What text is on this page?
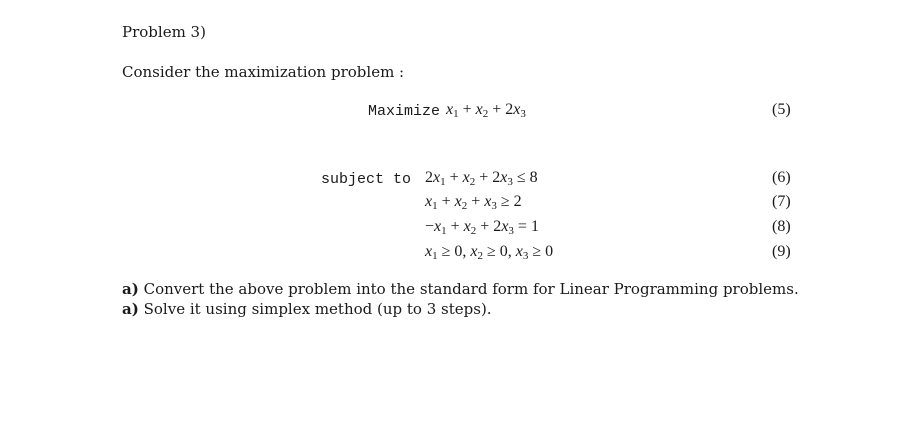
Problem 3)
Consider the maximization problem :
Maximize $x_1 + x_2 + 2x_3$	(5)
subject to $2x_1 + x_2 + 2x_3 \le 8$	(6)
$x_1 + x_2 + x_3 \ge 2$	(7)
$-x_1 + x_2 + 2x_3 = 1$	(8)
$x_1 \ge 0$, $x_2 \ge 0$, $x_3 \ge 0$	(9)
a) Convert the above problem into the standard form for Linear Programming problems.
a) Solve it using simplex method (up to 3 steps).
